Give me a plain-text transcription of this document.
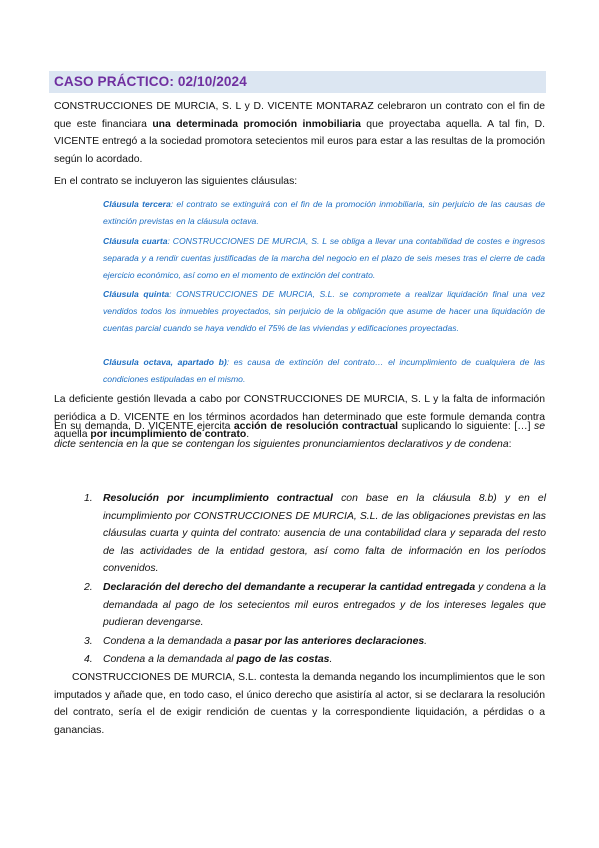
CASO PRÁCTICO: 02/10/2024

CONSTRUCCIONES DE MURCIA, S. L y D. VICENTE MONTARAZ celebraron un contrato con el fin de que este financiara una determinada promoción inmobiliaria que proyectaba aquella. A tal fin, D. VICENTE entregó a la sociedad promotora setecientos mil euros para estar a las resultas de la promoción según lo acordado.

En el contrato se incluyeron las siguientes cláusulas:

Cláusula tercera: el contrato se extinguirá con el fin de la promoción inmobiliaria, sin perjuicio de las causas de extinción previstas en la cláusula octava.

Cláusula cuarta: CONSTRUCCIONES DE MURCIA, S. L se obliga a llevar una contabilidad de costes e ingresos separada y a rendir cuentas justificadas de la marcha del negocio en el plazo de seis meses tras el cierre de cada ejercicio económico, así como en el momento de extinción del contrato.

Cláusula quinta: CONSTRUCCIONES DE MURCIA, S.L. se compromete a realizar liquidación final una vez vendidos todos los inmuebles proyectados, sin perjuicio de la obligación que asume de hacer una liquidación de cuentas parcial cuando se haya vendido el 75% de las viviendas y edificaciones proyectadas.

Cláusula octava, apartado b): es causa de extinción del contrato… el incumplimiento de cualquiera de las condiciones estipuladas en el mismo.

La deficiente gestión llevada a cabo por CONSTRUCCIONES DE MURCIA, S. L y la falta de información periódica a D. VICENTE en los términos acordados han determinado que este formule demanda contra aquella por incumplimiento de contrato.

En su demanda, D. VICENTE ejercita acción de resolución contractual suplicando lo siguiente: […] se dicte sentencia en la que se contengan los siguientes pronunciamientos declarativos y de condena:

1. Resolución por incumplimiento contractual con base en la cláusula 8.b) y en el incumplimiento por CONSTRUCCIONES DE MURCIA, S.L. de las obligaciones previstas en las cláusulas cuarta y quinta del contrato: ausencia de una contabilidad clara y separada del resto de las actividades de la entidad gestora, así como falta de información en los períodos convenidos.
2. Declaración del derecho del demandante a recuperar la cantidad entregada y condena a la demandada al pago de los setecientos mil euros entregados y de los intereses legales que pudieran devengarse.
3. Condena a la demandada a pasar por las anteriores declaraciones.
4. Condena a la demandada al pago de las costas.

CONSTRUCCIONES DE MURCIA, S.L. contesta la demanda negando los incumplimientos que le son imputados y añade que, en todo caso, el único derecho que asistiría al actor, si se declarara la resolución del contrato, sería el de exigir rendición de cuentas y la correspondiente liquidación, a pérdidas o a ganancias.
